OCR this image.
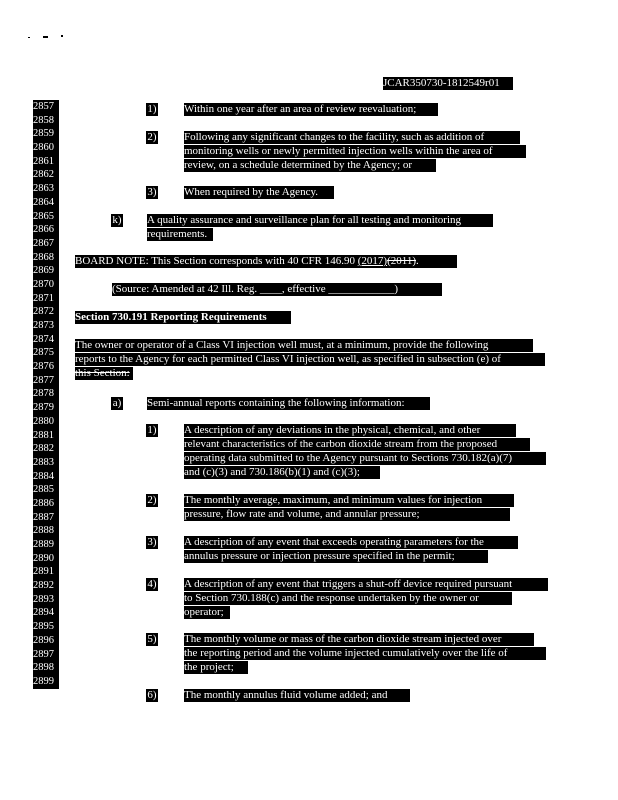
JCAR350730-1812549r01
2857
2858
2859
2860
2861
2862
2863
2864
2865
2866
2867
2868
2869
2870
2871
2872
2873
2874
2875
2876
2877
2878
2879
2880
2881
2882
2883
2884
2885
2886
2887
2888
2889
2890
2891
2892
2893
2894
2895
2896
2897
2898
2899
1) Within one year after an area of review reevaluation;
2) Following any significant changes to the facility, such as addition of
monitoring wells or newly permitted injection wells within the area of
review, on a schedule determined by the Agency; or
3) When required by the Agency.
k) A quality assurance and surveillance plan for all testing and monitoring
requirements.
BOARD NOTE: This Section corresponds with 40 CFR 146.90 (2017)(2011).
(Source: Amended at 42 Ill. Reg. ____, effective ____________)
Section 730.191 Reporting Requirements
The owner or operator of a Class VI injection well must, at a minimum, provide the following
reports to the Agency for each permitted Class VI injection well, as specified in subsection (e) of
this Section:
a) Semi-annual reports containing the following information:
1) A description of any deviations in the physical, chemical, and other
relevant characteristics of the carbon dioxide stream from the proposed
operating data submitted to the Agency pursuant to Sections 730.182(a)(7)
and (c)(3) and 730.186(b)(1) and (c)(3);
2) The monthly average, maximum, and minimum values for injection
pressure, flow rate and volume, and annular pressure;
3) A description of any event that exceeds operating parameters for the
annulus pressure or injection pressure specified in the permit;
4) A description of any event that triggers a shut-off device required pursuant
to Section 730.188(c) and the response undertaken by the owner or
operator;
5) The monthly volume or mass of the carbon dioxide stream injected over
the reporting period and the volume injected cumulatively over the life of
the project;
6) The monthly annulus fluid volume added; and
